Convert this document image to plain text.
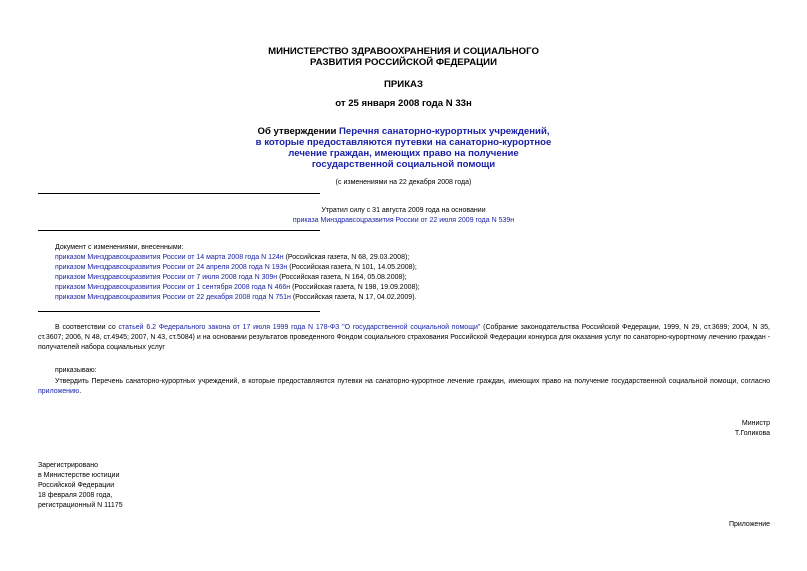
МИНИСТЕРСТВО ЗДРАВООХРАНЕНИЯ И СОЦИАЛЬНОГО
РАЗВИТИЯ РОССИЙСКОЙ ФЕДЕРАЦИИ
ПРИКАЗ
от 25 января 2008 года N 33н
Об утверждении Перечня санаторно-курортных учреждений,
в которые предоставляются путевки на санаторно-курортное
лечение граждан, имеющих право на получение
государственной социальной помощи
(с изменениями на 22 декабря 2008 года)
Утратил силу с 31 августа 2009 года на основании
приказа Минздравсоцразвития России от 22 июля 2009 года N 539н
Документ с изменениями, внесенными:
приказом Минздравсоцразвития России от 14 марта 2008 года N 124н (Российская газета, N 68, 29.03.2008);
приказом Минздравсоцразвития России от 24 апреля 2008 года N 193н (Российская газета, N 101, 14.05.2008);
приказом Минздравсоцразвития России от 7 июля 2008 года N 309н (Российская газета, N 164, 05.08.2008);
приказом Минздравсоцразвития России от 1 сентября 2008 года N 466н (Российская газета, N 198, 19.09.2008);
приказом Минздравсоцразвития России от 22 декабря 2008 года N 751н (Российская газета, N 17, 04.02.2009).
В соответствии со статьей 6.2 Федерального закона от 17 июля 1999 года N 178-ФЗ "О государственной социальной помощи" (Собрание законодательства Российской Федерации, 1999, N 29, ст.3699; 2004, N 35, ст.3607; 2006, N 48, ст.4945; 2007, N 43, ст.5084) и на основании результатов проведенного Фондом социального страхования Российской Федерации конкурса для оказания услуг по санаторно-курортному лечению граждан - получателей набора социальных услуг
приказываю:
Утвердить Перечень санаторно-курортных учреждений, в которые предоставляются путевки на санаторно-курортное лечение граждан, имеющих право на получение государственной социальной помощи, согласно приложению.
Министр
Т.Голикова
Зарегистрировано
в Министерстве юстиции
Российской Федерации
18 февраля 2008 года,
регистрационный N 11175
Приложение
